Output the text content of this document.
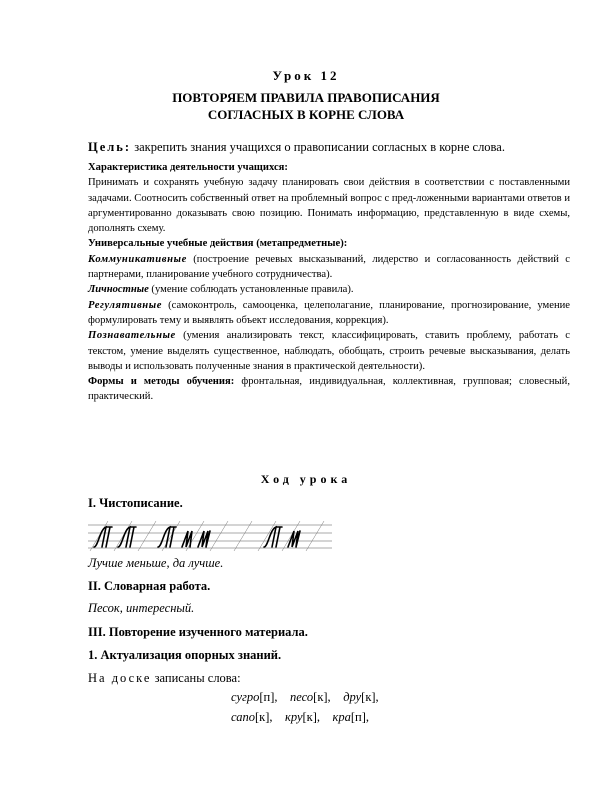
Урок 12
ПОВТОРЯЕМ ПРАВИЛА ПРАВОПИСАНИЯ
СОГЛАСНЫХ В КОРНЕ СЛОВА
Цель: закрепить знания учащихся о правописании согласных в корне слова.

Характеристика деятельности учащихся:

Принимать и сохранять учебную задачу планировать свои действия в соответствии с поставленными задачами. Соотносить собственный ответ на проблемный вопрос с пред-ложенными вариантами ответов и аргументированно доказывать свою позицию. Понимать информацию, представленную в виде схемы, дополнять схему.

Универсальные учебные действия (метапредметные):

Коммуникативные (построение речевых высказываний, лидерство и согласованность действий с партнерами, планирование учебного сотрудничества).

Личностные (умение соблюдать установленные правила).

Регулятивные (самоконтроль, самооценка, целеполагание, планирование, прогнозирование, умение формулировать тему и выявлять объект исследования, коррекция).

Познавательные (умения анализировать текст, классифицировать, ставить проблему, работать с текстом, умение выделять существенное, наблюдать, обобщать, строить речевые высказывания, делать выводы и использовать полученные знания в практической деятельности).

Формы и методы обучения: фронтальная, индивидуальная, коллективная, групповая; словесный, практический.

Ход урока
I. Чистописание.
Лучше меньше, да лучше.
II. Словарная работа.
Песок, интересный.
III. Повторение изученного материала.
1. Актуализация опорных знаний.
На доске записаны слова:
сугро[п], песо[к], дру[к],
сапо[к], кру[к], кра[п],
